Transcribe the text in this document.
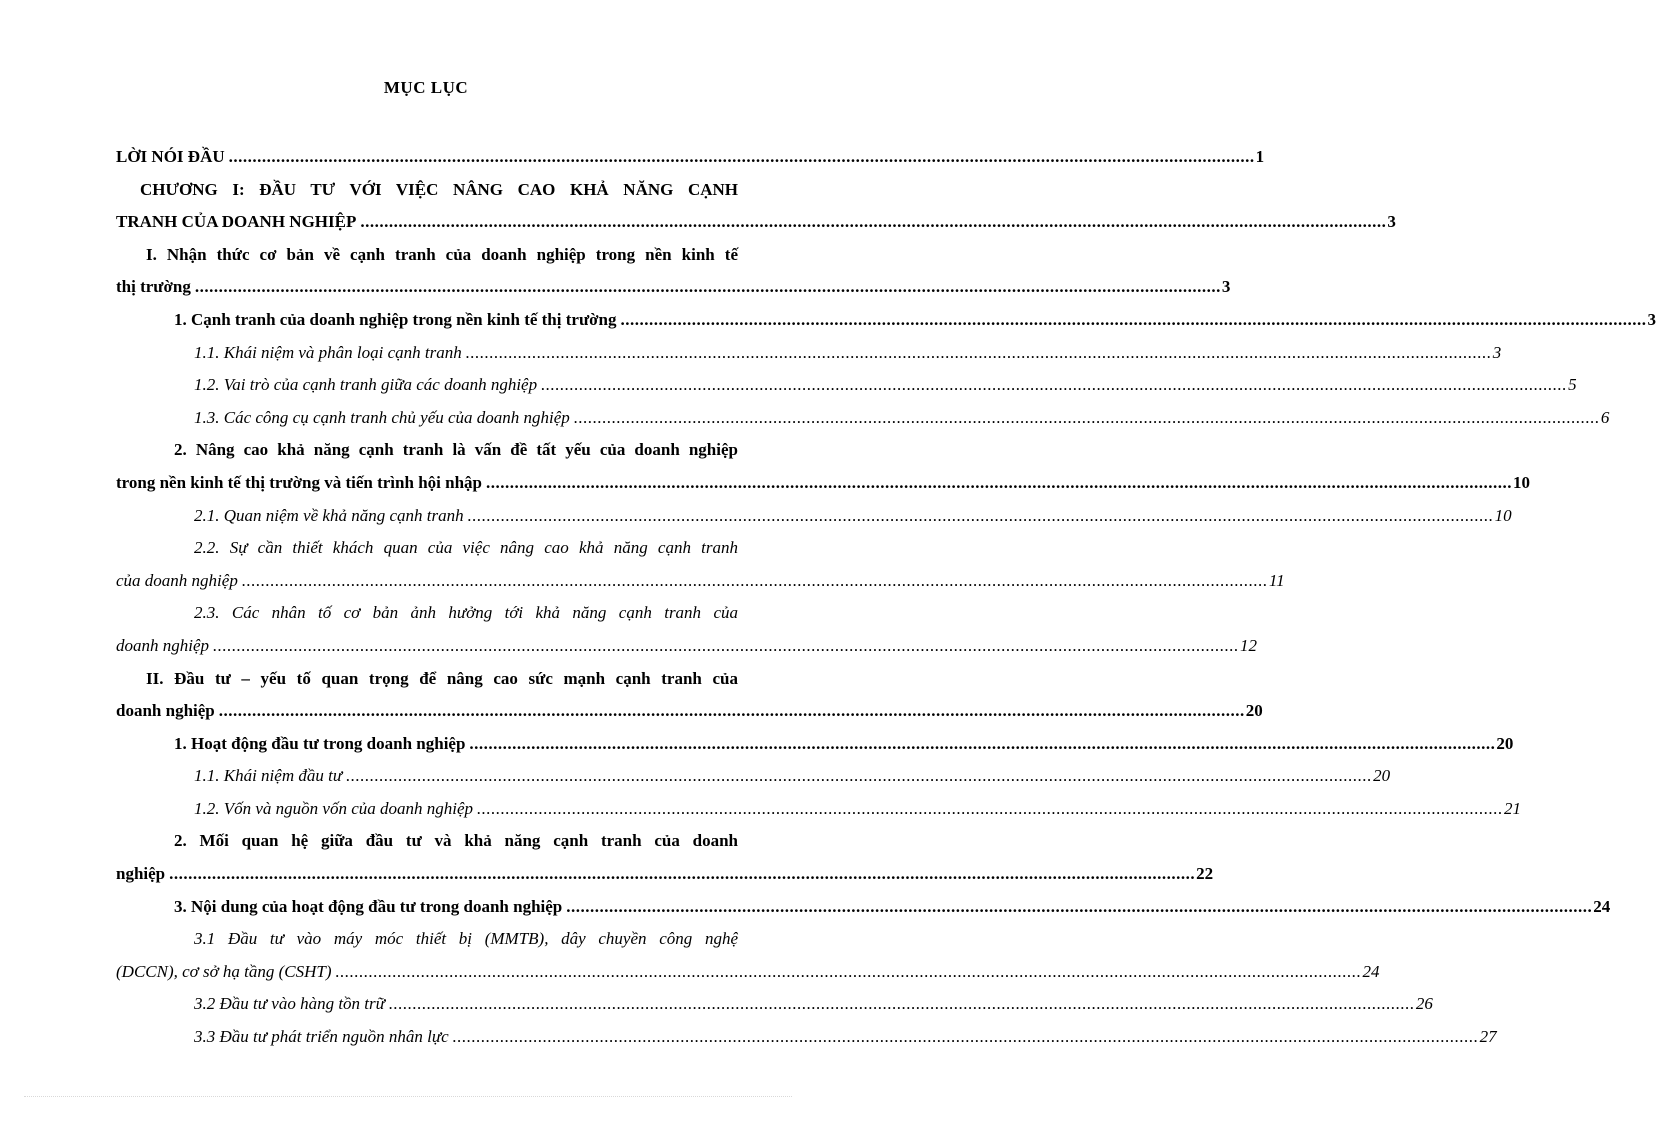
MỤC LỤC
LỜI NÓI ĐẦU ........................................................................................................................................................................................................................ 1
CHƯƠNG I: ĐẦU TƯ VỚI VIỆC NÂNG CAO KHẢ NĂNG CẠNH
TRANH CỦA DOANH NGHIỆP ........................................................................................................................................................................................................................ 3
I. Nhận thức cơ bản về cạnh tranh của doanh nghiệp trong nền kinh tế
thị trường ........................................................................................................................................................................................................................ 3
1. Cạnh tranh của doanh nghiệp trong nền kinh tế thị trường ........................................................................................................................................................................................................................ 3
1.1. Khái niệm và phân loại cạnh tranh ........................................................................................................................................................................................................................ 3
1.2. Vai trò của cạnh tranh giữa các doanh nghiệp ........................................................................................................................................................................................................................ 5
1.3. Các công cụ cạnh tranh chủ yếu của doanh nghiệp ........................................................................................................................................................................................................................ 6
2. Nâng cao khả năng cạnh tranh là vấn đề tất yếu của doanh nghiệp
trong nền kinh tế thị trường và tiến trình hội nhập ........................................................................................................................................................................................................................ 10
2.1. Quan niệm về khả năng cạnh tranh ........................................................................................................................................................................................................................ 10
2.2. Sự cần thiết khách quan của việc nâng cao khả năng cạnh tranh
của doanh nghiệp ........................................................................................................................................................................................................................ 11
2.3. Các nhân tố cơ bản ảnh hưởng tới khả năng cạnh tranh của
doanh nghiệp ........................................................................................................................................................................................................................ 12
II. Đầu tư – yếu tố quan trọng để nâng cao sức mạnh cạnh tranh của
doanh nghiệp ........................................................................................................................................................................................................................ 20
1. Hoạt động đầu tư trong doanh nghiệp ........................................................................................................................................................................................................................ 20
1.1. Khái niệm đầu tư ........................................................................................................................................................................................................................ 20
1.2. Vốn và nguồn vốn của doanh nghiệp ........................................................................................................................................................................................................................ 21
2. Mối quan hệ giữa đầu tư và khả năng cạnh tranh của doanh
nghiệp ........................................................................................................................................................................................................................ 22
3. Nội dung của hoạt động đầu tư trong doanh nghiệp ........................................................................................................................................................................................................................ 24
3.1 Đầu tư vào máy móc thiết bị (MMTB), dây chuyền công nghệ
(DCCN), cơ sở hạ tầng (CSHT) ........................................................................................................................................................................................................................ 24
3.2 Đầu tư vào hàng tồn trữ ........................................................................................................................................................................................................................ 26
3.3 Đầu tư phát triển nguồn nhân lực ........................................................................................................................................................................................................................ 27
